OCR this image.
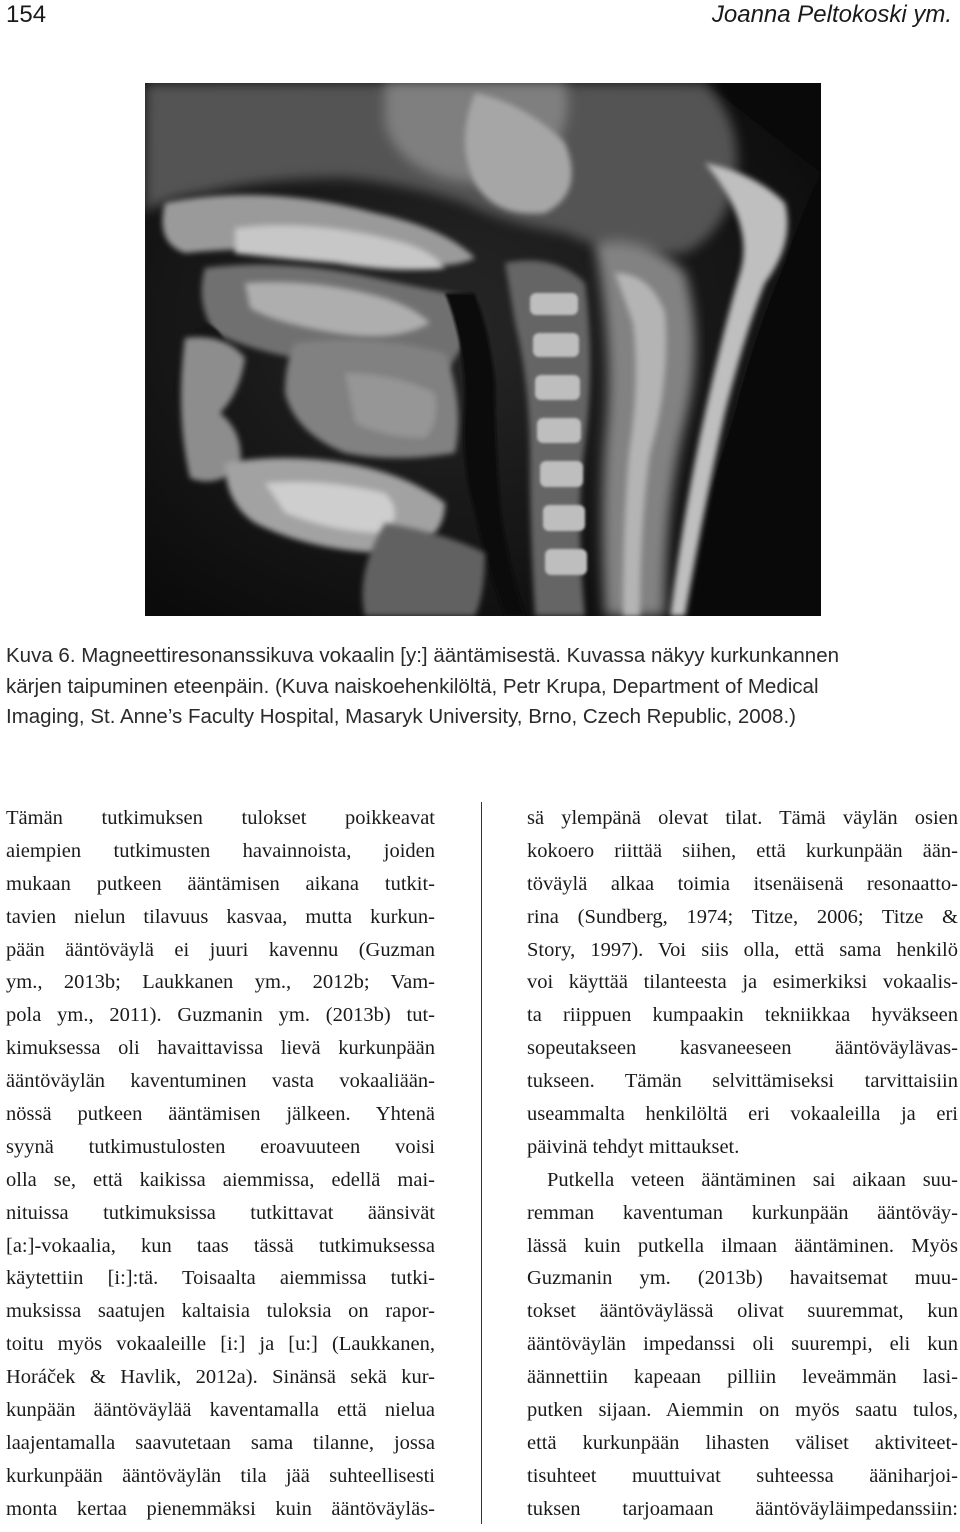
154	Joanna Peltokoski ym.

Kuva 6. Magneettiresonanssikuva vokaalin [y:] ääntämisestä. Kuvassa näkyy kurkunkannen
kärjen taipuminen eteenpäin. (Kuva naiskoehenkilöltä, Petr Krupa, Department of Medical
Imaging, St. Anne’s Faculty Hospital, Masaryk University, Brno, Czech Republic, 2008.)
Tämän tutkimuksen tulokset poikkeavat
aiempien tutkimusten havainnoista, joiden
mukaan putkeen ääntämisen aikana tutkit-
tavien nielun tilavuus kasvaa, mutta kurkun-
pään ääntöväylä ei juuri kavennu (Guzman
ym., 2013b; Laukkanen ym., 2012b; Vam-
pola ym., 2011). Guzmanin ym. (2013b) tut-
kimuksessa oli havaittavissa lievä kurkunpään
ääntöväylän kaventuminen vasta vokaaliään-
nössä putkeen ääntämisen jälkeen. Yhtenä
syynä tutkimustulosten eroavuuteen voisi
olla se, että kaikissa aiemmissa, edellä mai-
nituissa tutkimuksissa tutkittavat äänsivät
[a:]-vokaalia, kun taas tässä tutkimuksessa
käytettiin [i:]:tä. Toisaalta aiemmissa tutki-
muksissa saatujen kaltaisia tuloksia on rapor-
toitu myös vokaaleille [i:] ja [u:] (Laukkanen,
Horáček & Havlik, 2012a). Sinänsä sekä kur-
kunpään ääntöväylää kaventamalla että nielua
laajentamalla saavutetaan sama tilanne, jossa
kurkunpään ääntöväylän tila jää suhteellisesti
monta kertaa pienemmäksi kuin ääntöväyläs-
sä ylempänä olevat tilat. Tämä väylän osien
kokoero riittää siihen, että kurkunpään ään-
töväylä alkaa toimia itsenäisenä resonaatto-
rina (Sundberg, 1974; Titze, 2006; Titze &
Story, 1997). Voi siis olla, että sama henkilö
voi käyttää tilanteesta ja esimerkiksi vokaalis-
ta riippuen kumpaakin tekniikkaa hyväkseen
sopeutakseen kasvaneeseen ääntöväylävas-
tukseen. Tämän selvittämiseksi tarvittaisiin
useammalta henkilöltä eri vokaaleilla ja eri
päivinä tehdyt mittaukset.
Putkella veteen ääntäminen sai aikaan suu-
remman kaventuman kurkunpään ääntöväy-
lässä kuin putkella ilmaan ääntäminen. Myös
Guzmanin ym. (2013b) havaitsemat muu-
tokset ääntöväylässä olivat suuremmat, kun
ääntöväylän impedanssi oli suurempi, eli kun
äännettiin kapeaan pilliin leveämmän lasi-
putken sijaan. Aiemmin on myös saatu tulos,
että kurkunpään lihasten väliset aktiviteet-
tisuhteet muuttuivat suhteessa ääniharjoi-
tuksen tarjoamaan ääntöväyläimpedanssiin:
